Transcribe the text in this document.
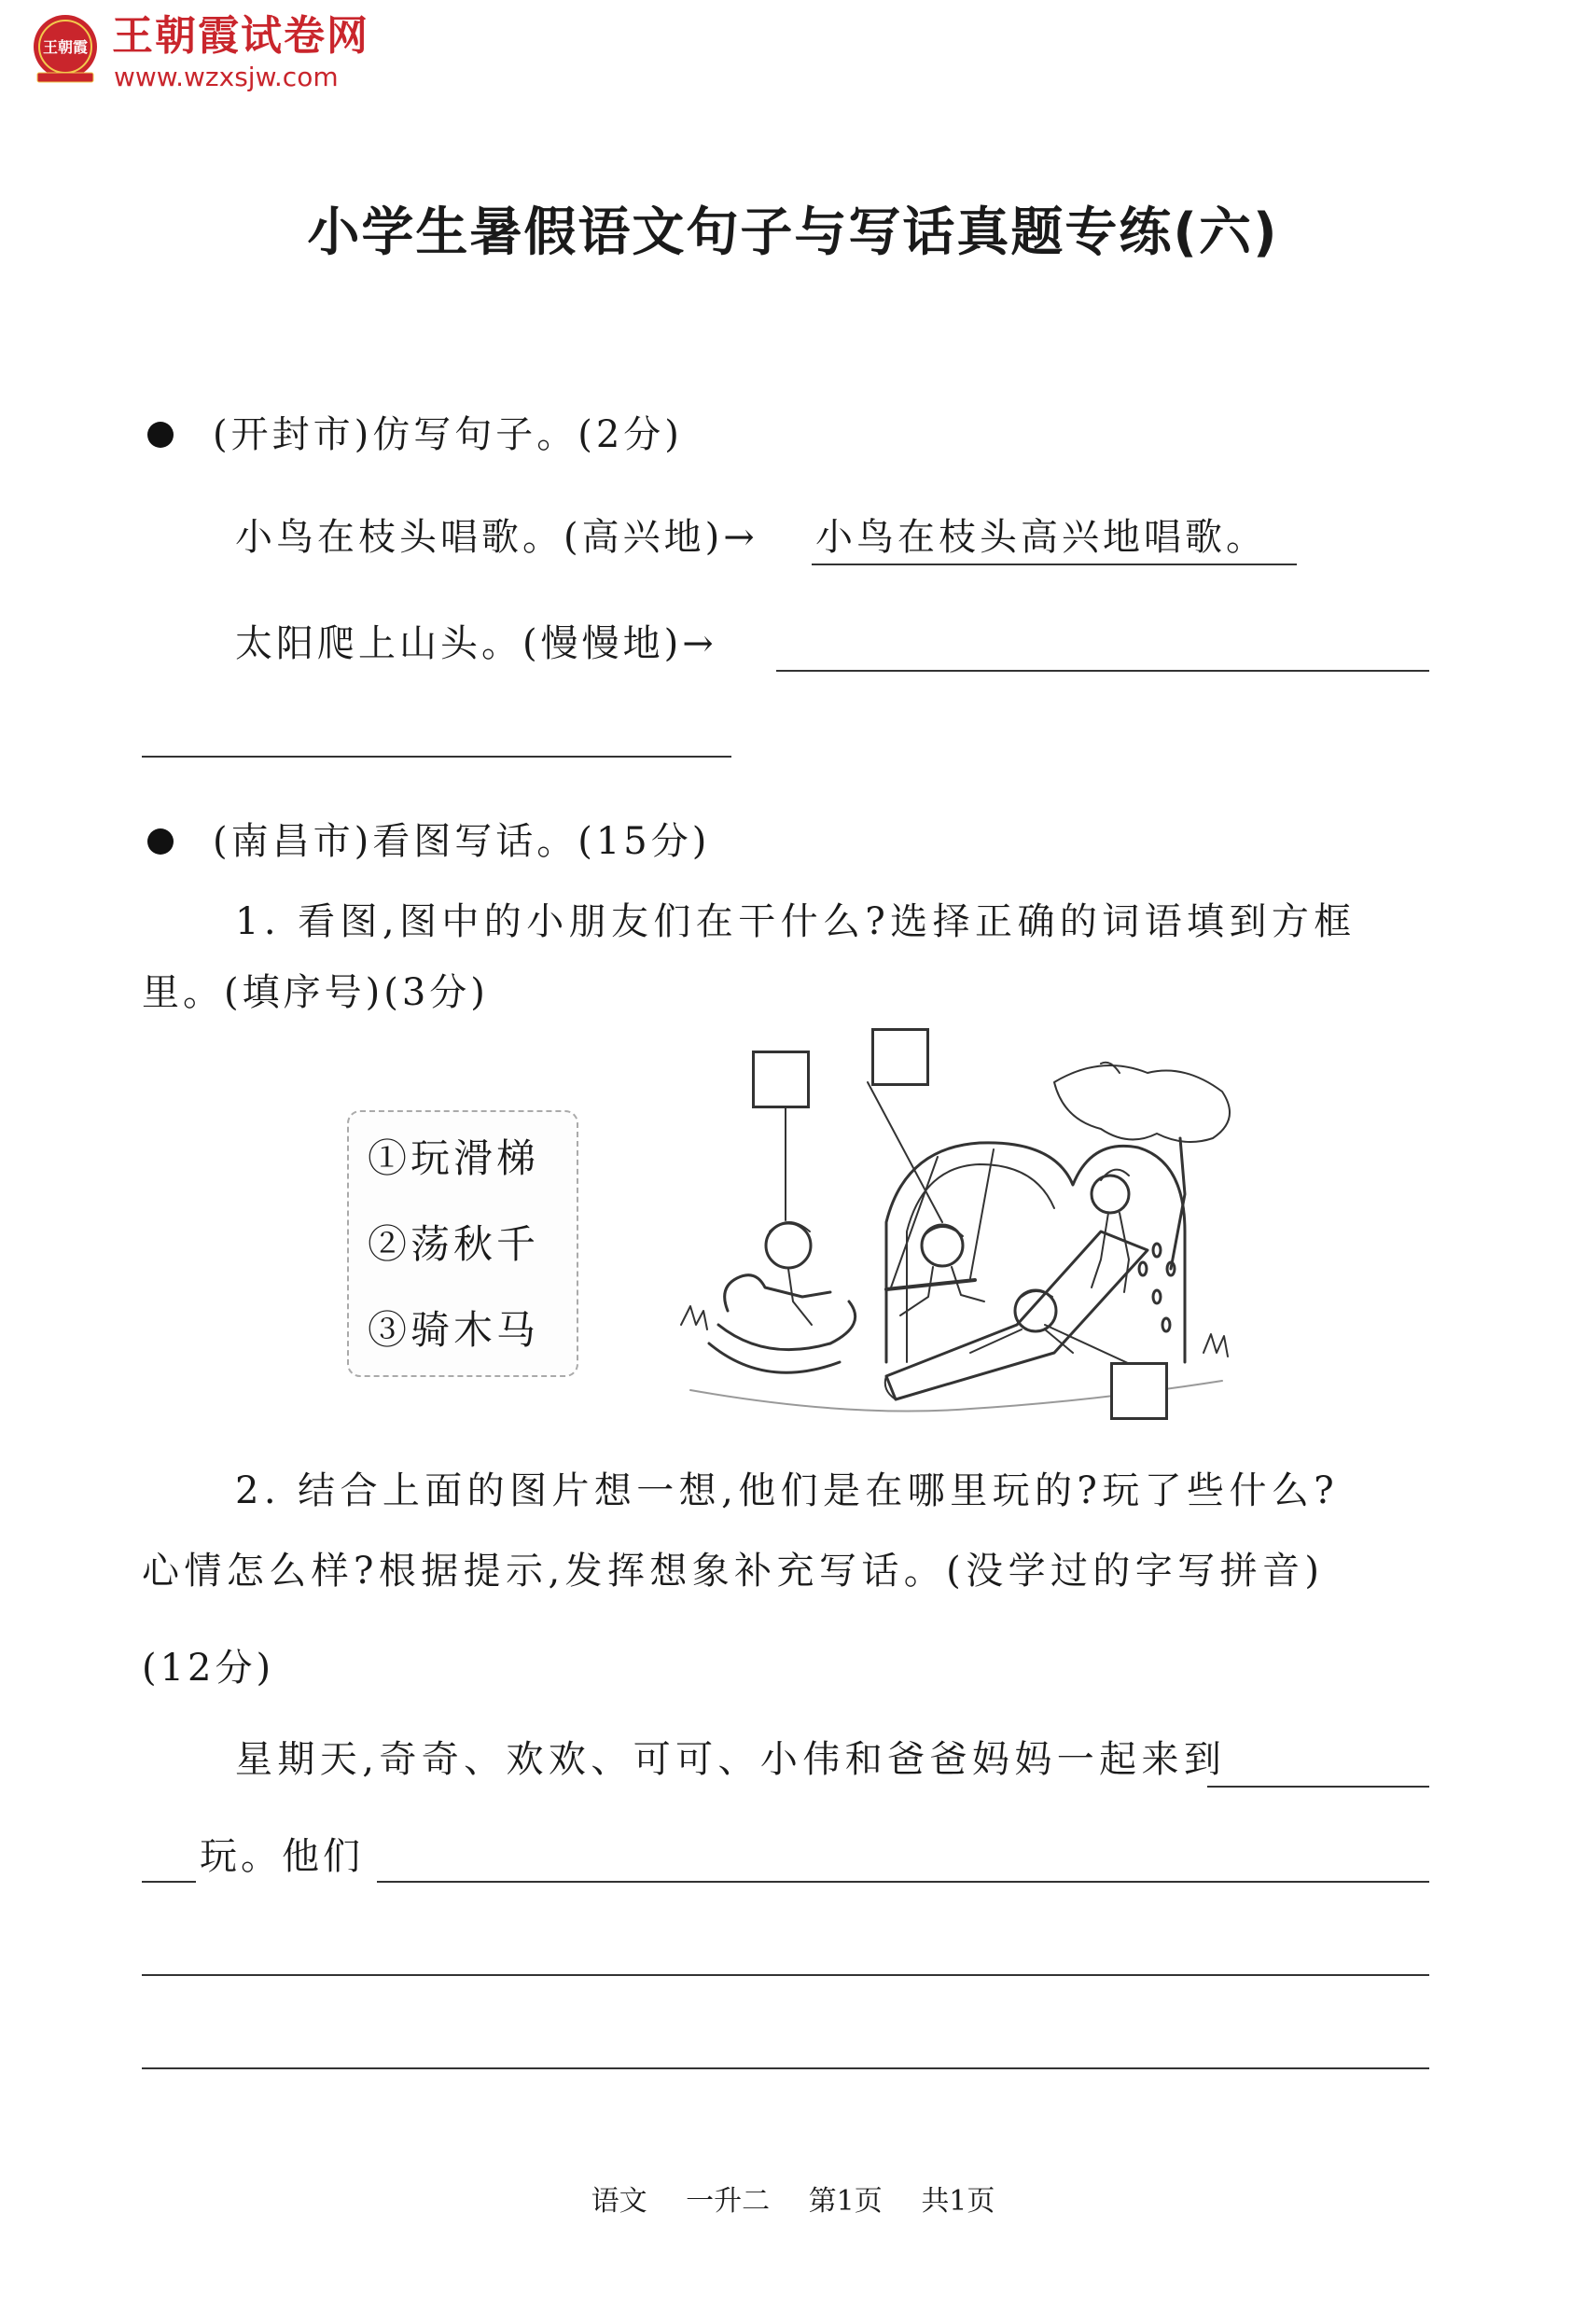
王朝霞 王朝霞试卷网
www.wzxsjw.com
小学生暑假语文句子与写话真题专练(六)
(开封市)仿写句子。(2分)
小鸟在枝头唱歌。(高兴地)→ 小鸟在枝头高兴地唱歌。
太阳爬上山头。(慢慢地)→
(南昌市)看图写话。(15分)
1. 看图,图中的小朋友们在干什么?选择正确的词语填到方框
里。(填序号)(3分)
①玩滑梯
②荡秋千
③骑木马
2. 结合上面的图片想一想,他们是在哪里玩的?玩了些什么?
心情怎么样?根据提示,发挥想象补充写话。(没学过的字写拼音)
(12分)
星期天,奇奇、欢欢、可可、小伟和爸爸妈妈一起来到
玩。他们
语文 一升二 第1页 共1页
